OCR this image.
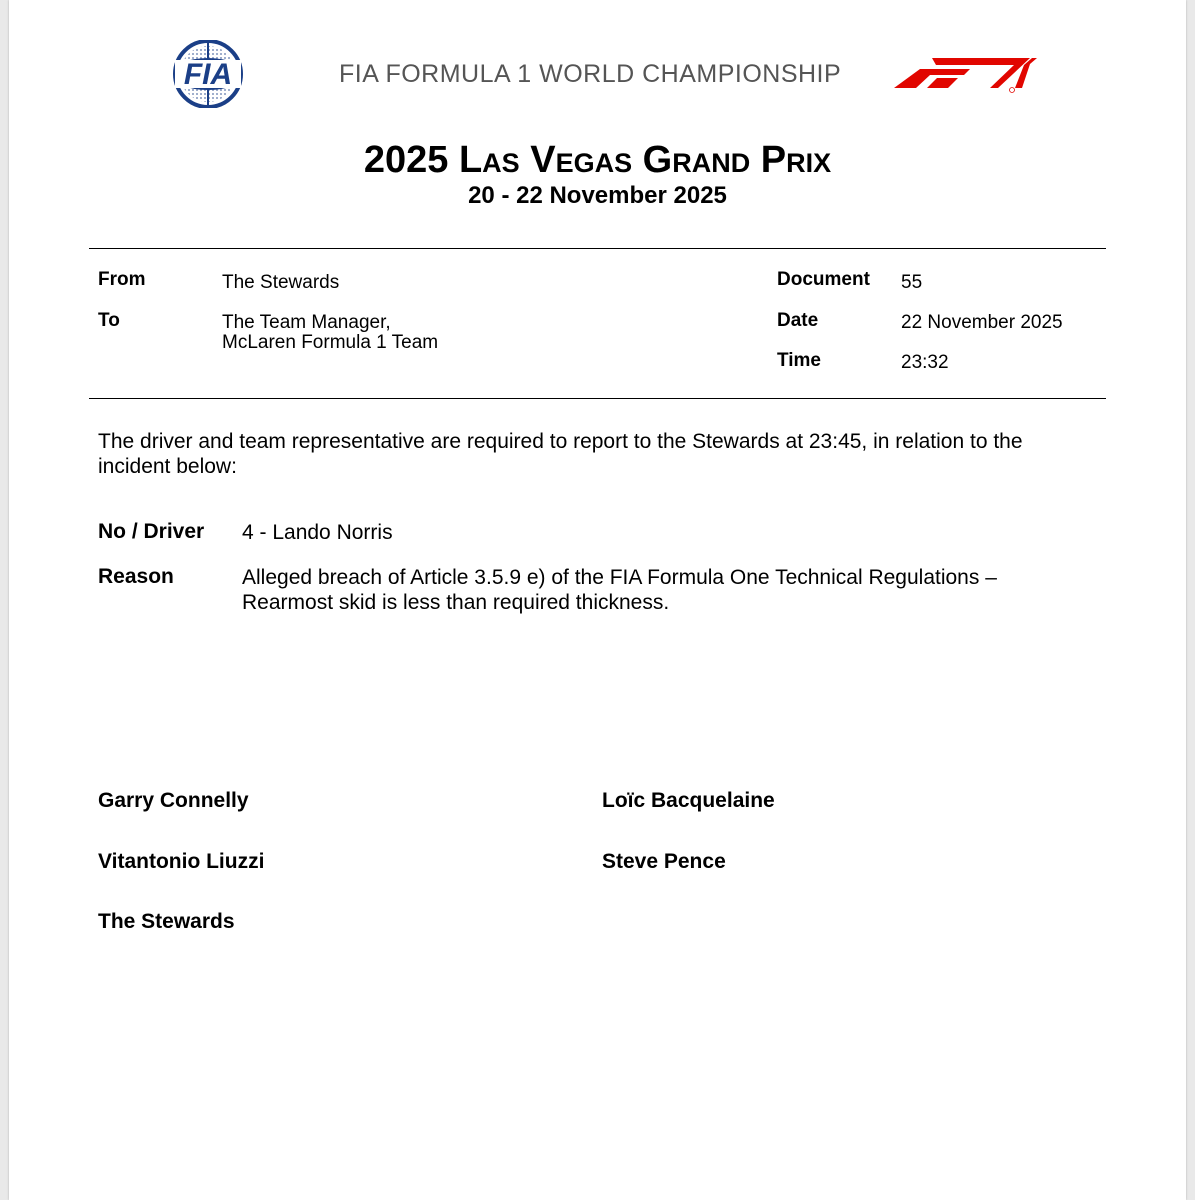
FIA	FIA FORMULA 1 WORLD CHAMPIONSHIP
2025 Las Vegas Grand Prix
20 - 22 November 2025
From	The Stewards
To	The Team Manager,
McLaren Formula 1 Team
Document 55
Date	22 November 2025
Time	23:32
The driver and team representative are required to report to the Stewards at 23:45, in relation to the incident below:
No / Driver 4 - Lando Norris
Reason	Alleged breach of Article 3.5.9 e) of the FIA Formula One Technical Regulations – Rearmost skid is less than required thickness.
Garry Connelly	Loïc Bacquelaine
Vitantonio Liuzzi	Steve Pence
The Stewards
